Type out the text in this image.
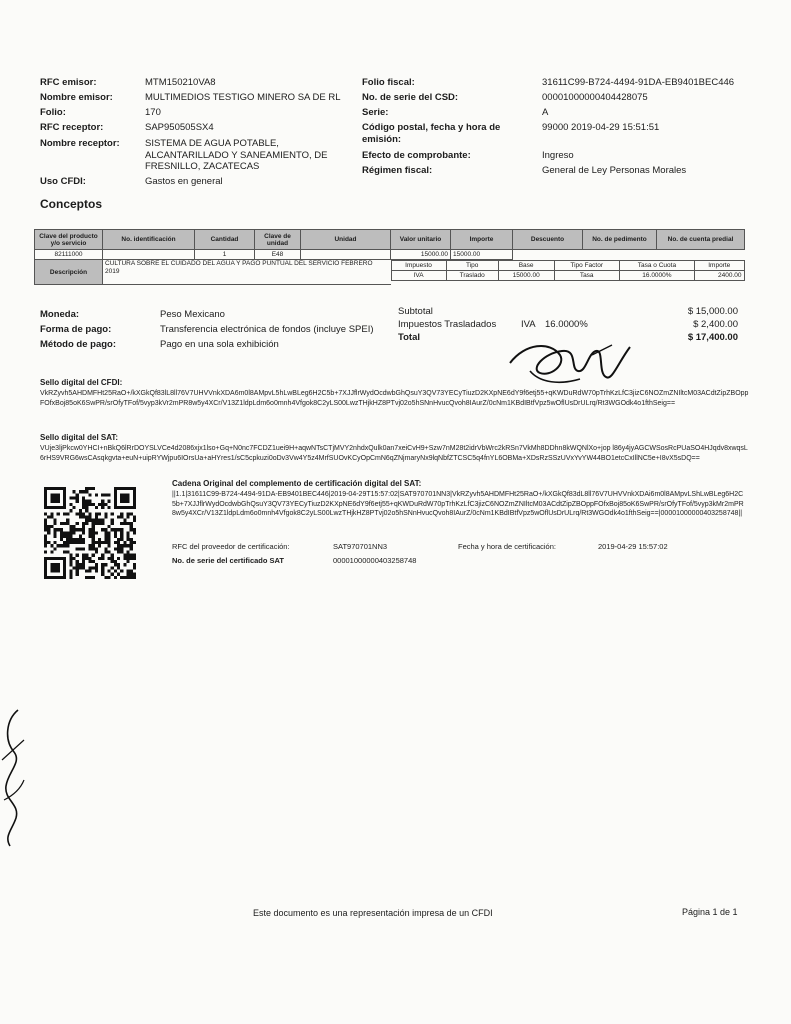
RFC emisor:	MTM150210VA8
Nombre emisor:	MULTIMEDIOS TESTIGO MINERO SA DE RL
Folio:	170
RFC receptor:	SAP950505SX4
Nombre receptor:	SISTEMA DE AGUA POTABLE, ALCANTARILLADO Y SANEAMIENTO, DE FRESNILLO, ZACATECAS
Uso CFDI:	Gastos en general
Folio fiscal:	31611C99-B724-4494-91DA-EB9401BEC446
No. de serie del CSD:	00001000000404428075
Serie:	A
Código postal, fecha y hora de emisión:
99000 2019-04-29 15:51:51
Efecto de comprobante:	Ingreso
Régimen fiscal:	General de Ley Personas Morales
Conceptos
Clave del producto y/o servicio	No. identificación	Cantidad	Clave de unidad	Unidad	Valor unitario	Importe	Descuento	No. de pedimento	No. de cuenta predial
82111000		1	E48		15000.00	15000.00			
Descripción	CULTURA SOBRE EL CUIDADO DEL AGUA Y PAGO PUNTUAL DEL SERVICIO FEBRERO 2019	
Impuesto	Tipo	Base	Tipo Factor	Tasa o Cuota	Importe
IVA	Traslado	15000.00	Tasa	16.0000%	2400.00
Moneda:	Peso Mexicano
Forma de pago:	Transferencia electrónica de fondos (incluye SPEI)
Método de pago:	Pago en una sola exhibición
Subtotal	$ 15,000.00
Impuestos Trasladados	IVA 16.0000%	$ 2,400.00
Total	$ 17,400.00
Sello digital del CFDI:
VkRZyvh5AHDMFHt25RaO+/kXGkQf83lL8ll76V7UHVVnkXDA6m0l8AMpvL5hLwBLeg6H2C5b+7XJJflrWydOcdwbGhQsuY3QV73YECyTiuzD2KXpNE6dY9f6etj55+qKWDuRdW70pTrhKzLfC3jizC6NOZmZNIltcM03ACdtZipZBOppFOfxBoj85oK6SwPR/srOfyTFof/5vyp3kVr2mPR8w5y4XCr/V13Z1ldpLdm6o0mnh4Vfgok8C2yLS00LwzTHjkHZ8PTvj02o5hSNnHvucQvoh8IAurZ/0cNm1KBdIBtfVpz5wOflUsDrULrq/Rt3WGOdk4o1fthSeig==
Sello digital del SAT:
VUje3ljPkcw0YHCI+nBkQ6lRrDOYSLVCe4d2086xjx1lso+Gq+N0nc7FCDZ1uei9H+aqwNTsCTjMVY2nhdxQulk0an7xeiCvH9+Szw7nM28t2idrVbWrc2kRSn7VkMh8DDhn8kWQNlXo+jop l86y4jyAGCWSosRcPUaSO4HJqdv8xwqsL6rHS9VRG6wsCAsqkgvta+euN+uipRYWjpu6IOrsUa+aHYres1/sC5cpkuzi0oDv3Vw4Y5z4MrfSUOvKCyOpCmN6qZNjmaryNx9lqNbfZTCSC5q4fnYL6OBMa+XDsRzSSzUVxYvYW44BO1etcCxIllNC5e+I8vX5sDQ==
Cadena Original del complemento de certificación digital del SAT:
||1.1|31611C99-B724-4494-91DA-EB9401BEC446|2019-04-29T15:57:02|SAT970701NN3|VkRZyvh5AHDMFHt25RaO+/kXGkQf83dL8ll76V7UHVVnkXDAi6m0l8AMpvLShLwBLeg6H2C5b+7XJJflrWydOcdwbGhQsuY3QV73YECyTiuzD2KXpNE6dY9f6etj55+qKWDuRdW70pTrhKzLfC3jizC6NOZmZNIltcM03ACdtZipZBOppFOfxBoj85oK6SwPR/srOfyTFof/5vyp3kMr2mPR8w5y4XCr/V13Z1ldpLdm6o0mnh4Vfgok8C2yLS00LwzTHjkHZ8PTvj02o5hSNnHvucQvoh8IAurZ/0cNm1KBdIBtfVpz5wOflUsDrULrq/Rt3WGOdk4o1fthSeig==|00001000000403258748||
RFC del proveedor de certificación:	SAT970701NN3	Fecha y hora de certificación:	2019-04-29 15:57:02
No. de serie del certificado SAT	00001000000403258748
Este documento es una representación impresa de un CFDI	Página 1 de 1
